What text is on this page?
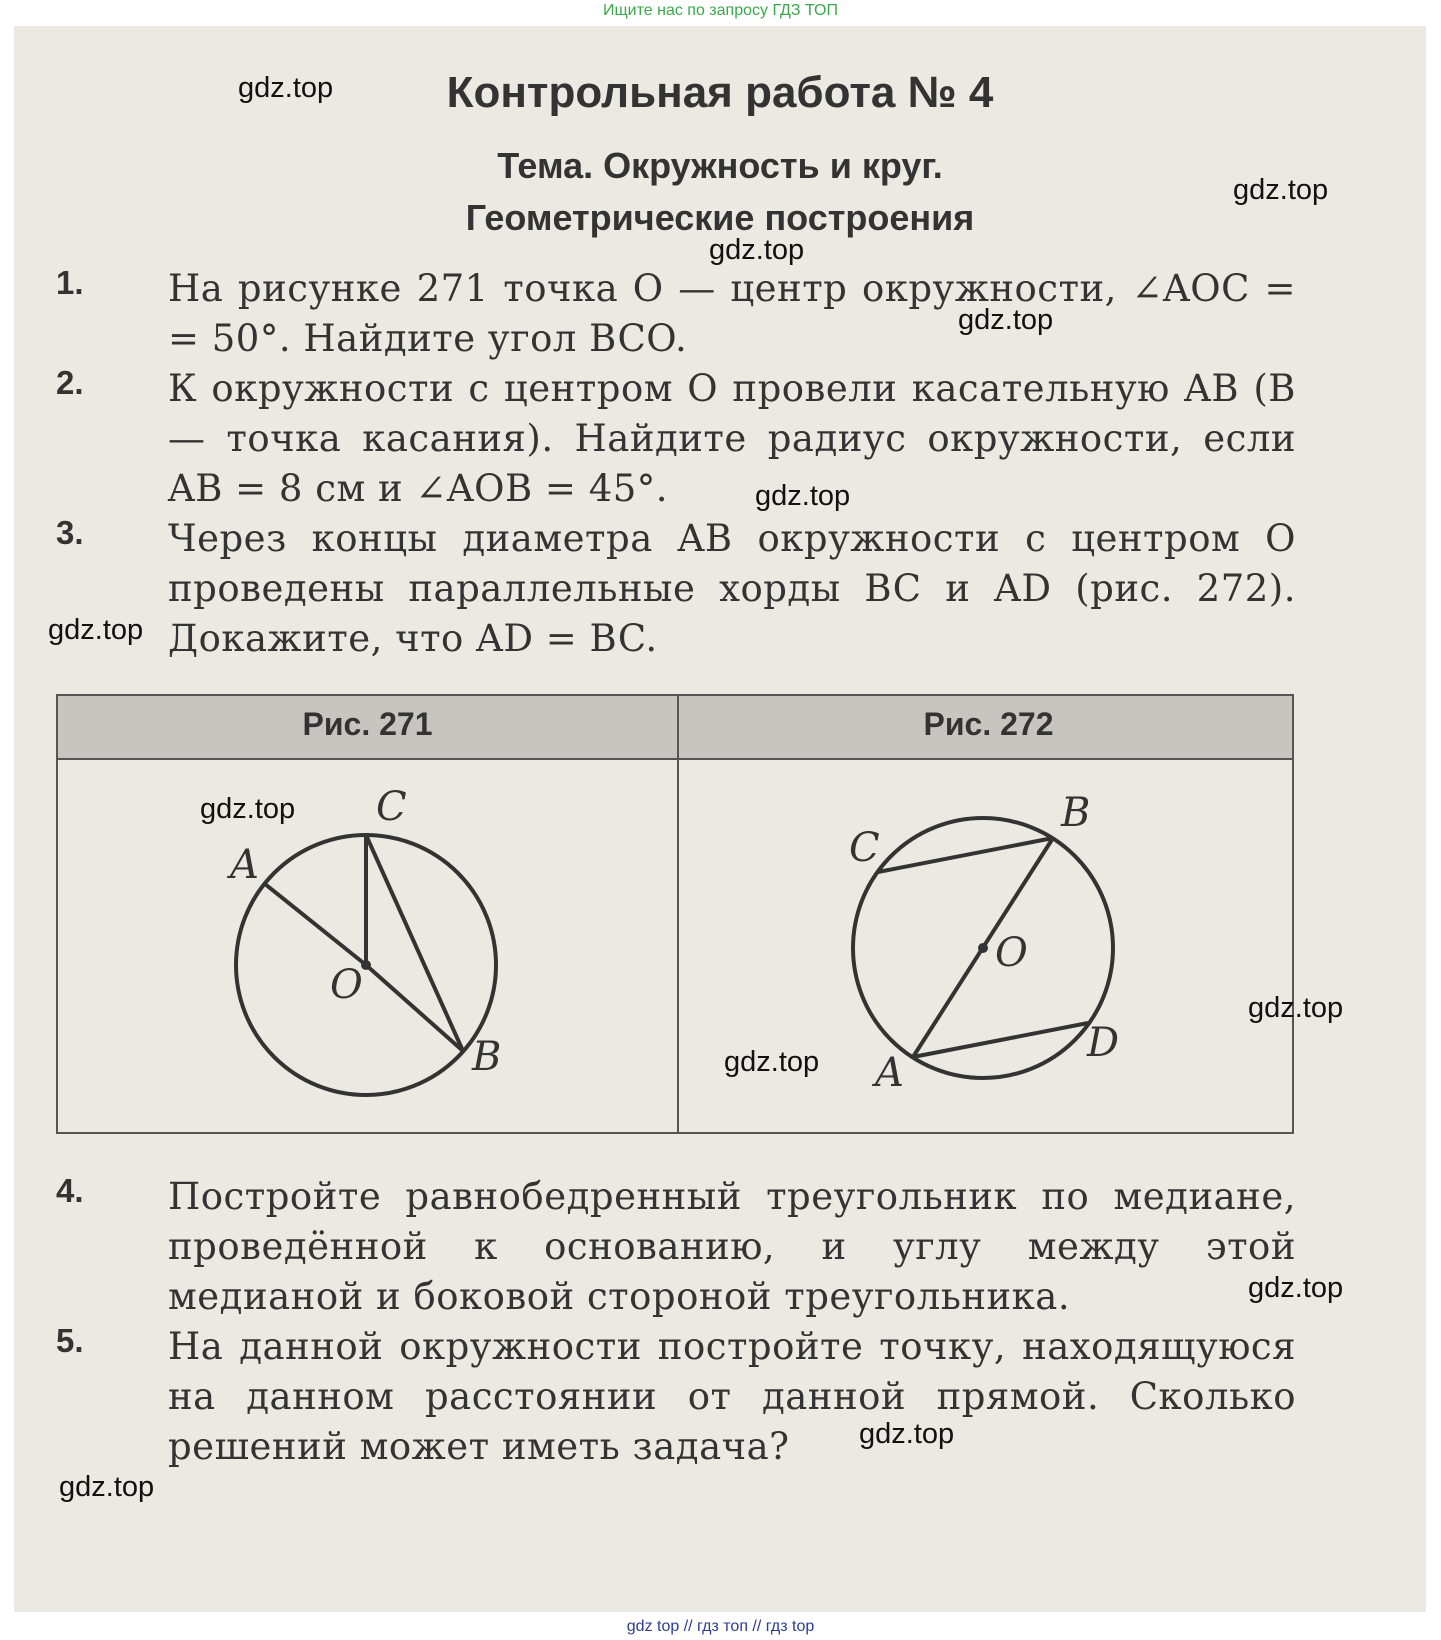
Ищите нас по запросу ГДЗ ТОП
Контрольная работа № 4
Тема. Окружность и круг.
Геометрические построения
1. На рисунке 271 точка O — центр окружности, ∠AOC = = 50°. Найдите угол BCO.
2. К окружности с центром O провели касательную AB (B — точка касания). Найдите радиус окружности, если AB = 8 см и ∠AOB = 45°.
3. Через концы диаметра AB окружности с центром O проведены параллельные хорды BC и AD (рис. 272). Докажите, что AD = BC.
Рис. 271	Рис. 272
A
C
O
B
C
B
O
D
A
4. Постройте равнобедренный треугольник по медиане, проведённой к основанию, и углу между этой медианой и боковой стороной треугольника.
5. На данной окружности постройте точку, находящуюся на данном расстоянии от данной прямой. Сколько решений может иметь задача?
gdz.top
gdz.top
gdz.top
gdz.top
gdz.top
gdz.top
gdz.top
gdz.top
gdz.top
gdz.top
gdz.top
gdz.top
gdz top // гдз топ // гдз top
